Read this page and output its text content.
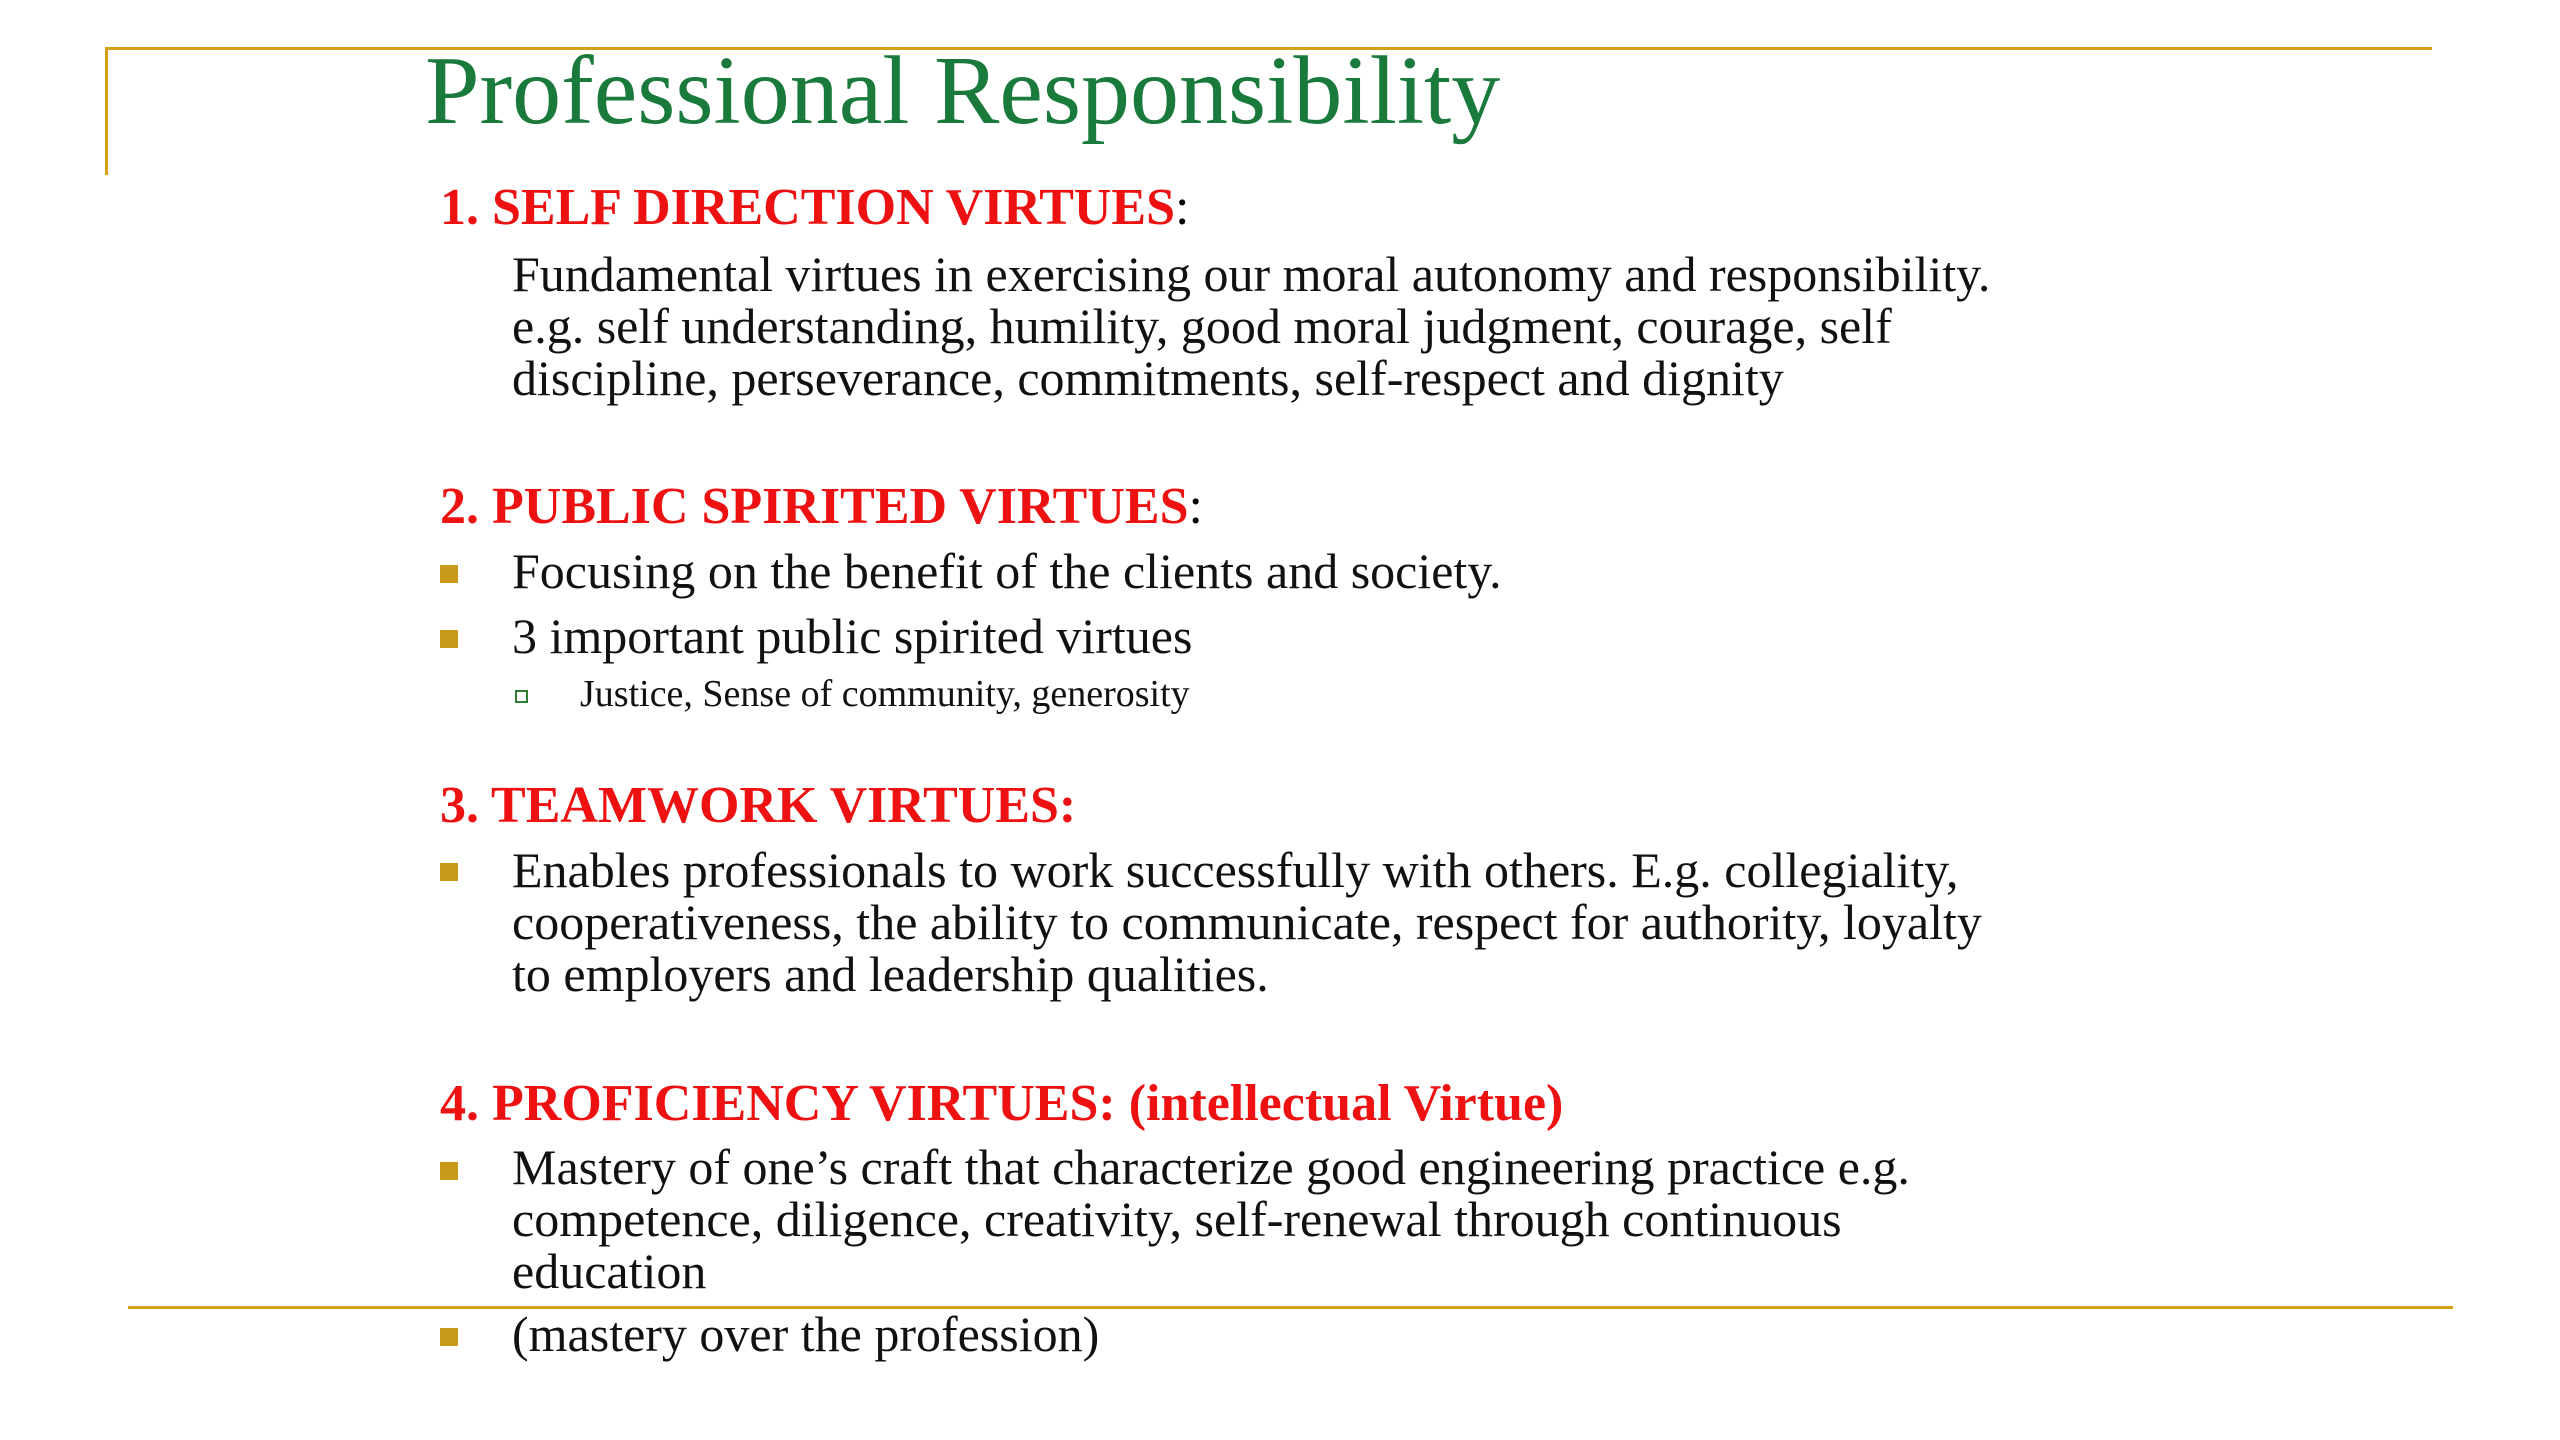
Professional Responsibility

1. SELF DIRECTION VIRTUES:

Fundamental virtues in exercising our moral autonomy and responsibility.

e.g. self understanding, humility, good moral judgment, courage, self

discipline, perseverance, commitments, self-respect and dignity

2. PUBLIC SPIRITED VIRTUES:

Focusing on the benefit of the clients and society.

3 important public spirited virtues

Justice, Sense of community, generosity

3. TEAMWORK VIRTUES:

Enables professionals to work successfully with others. E.g. collegiality,

cooperativeness, the ability to communicate, respect for authority, loyalty

to employers and leadership qualities.

4. PROFICIENCY VIRTUES: (intellectual Virtue)

Mastery of one’s craft that characterize good engineering practice e.g.

competence, diligence, creativity, self-renewal through continuous

education

(mastery over the profession)
